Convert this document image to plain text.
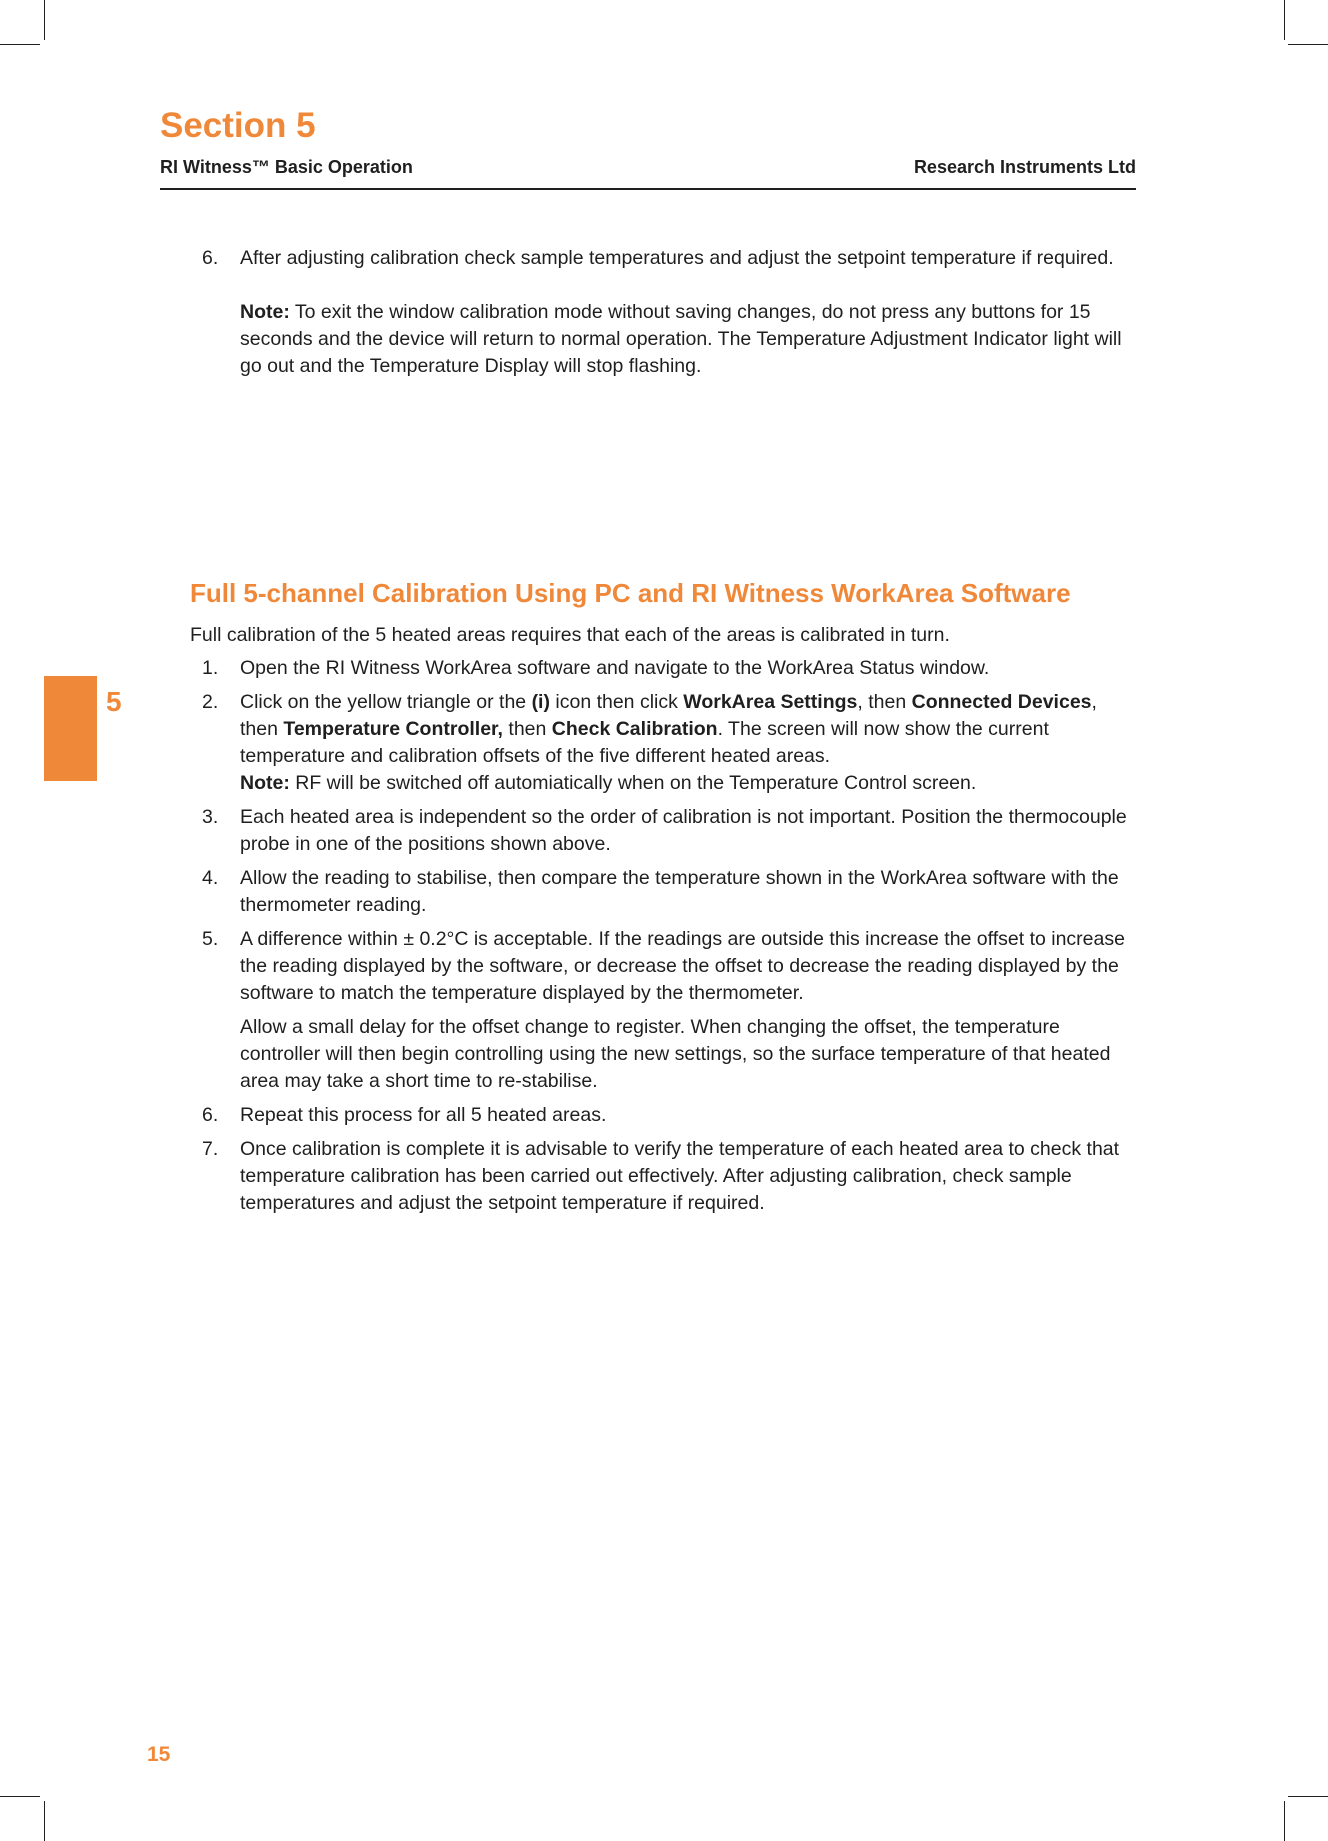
Section 5
RI Witness™ Basic Operation	Research Instruments Ltd
6. After adjusting calibration check sample temperatures and adjust the setpoint temperature if required.

Note: To exit the window calibration mode without saving changes, do not press any buttons for 15 seconds and the device will return to normal operation. The Temperature Adjustment Indicator light will go out and the Temperature Display will stop flashing.

Full 5-channel Calibration Using PC and RI Witness WorkArea Software

Full calibration of the 5 heated areas requires that each of the areas is calibrated in turn.

1. Open the RI Witness WorkArea software and navigate to the WorkArea Status window.

2. Click on the yellow triangle or the (i) icon then click WorkArea Settings, then Connected Devices, then Temperature Controller, then Check Calibration. The screen will now show the current temperature and calibration offsets of the five different heated areas.

Note: RF will be switched off automiatically when on the Temperature Control screen.

3. Each heated area is independent so the order of calibration is not important. Position the thermocouple probe in one of the positions shown above.

4. Allow the reading to stabilise, then compare the temperature shown in the WorkArea software with the thermometer reading.

5. A difference within ± 0.2°C is acceptable. If the readings are outside this increase the offset to increase the reading displayed by the software, or decrease the offset to decrease the reading displayed by the software to match the temperature displayed by the thermometer.

Allow a small delay for the offset change to register. When changing the offset, the temperature controller will then begin controlling using the new settings, so the surface temperature of that heated area may take a short time to re-stabilise.

6. Repeat this process for all 5 heated areas.

7. Once calibration is complete it is advisable to verify the temperature of each heated area to check that temperature calibration has been carried out effectively. After adjusting calibration, check sample temperatures and adjust the setpoint temperature if required.

5
15
